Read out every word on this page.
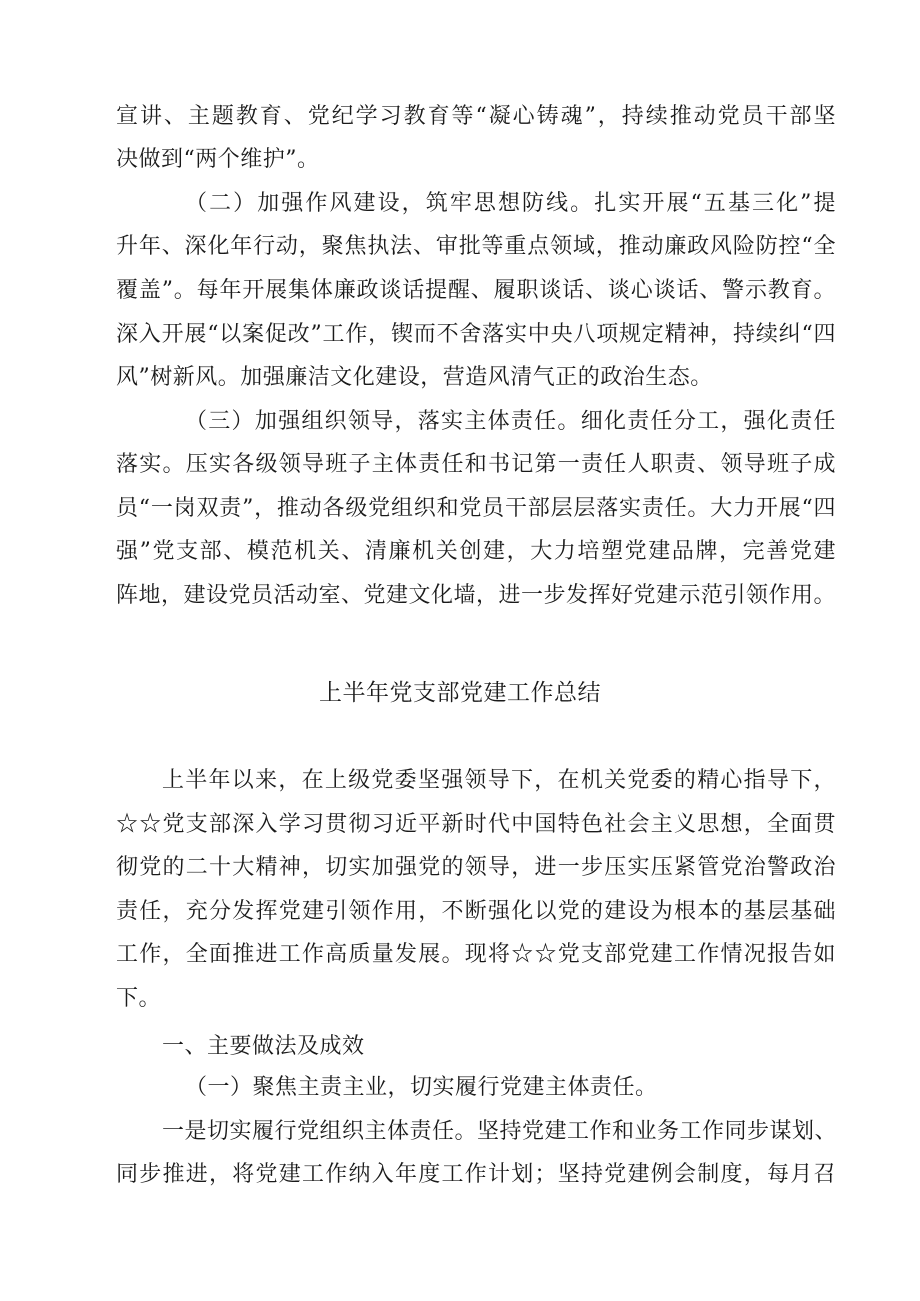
宣讲、主题教育、党纪学习教育等“凝心铸魂”，持续推动党员干部坚
决做到“两个维护”。
（二）加强作风建设，筑牢思想防线。扎实开展“五基三化”提
升年、深化年行动，聚焦执法、审批等重点领域，推动廉政风险防控“全
覆盖”。每年开展集体廉政谈话提醒、履职谈话、谈心谈话、警示教育。
深入开展“以案促改”工作，锲而不舍落实中央八项规定精神，持续纠“四
风”树新风。加强廉洁文化建设，营造风清气正的政治生态。
（三）加强组织领导，落实主体责任。细化责任分工，强化责任
落实。压实各级领导班子主体责任和书记第一责任人职责、领导班子成
员“一岗双责”，推动各级党组织和党员干部层层落实责任。大力开展“四
强”党支部、模范机关、清廉机关创建，大力培塑党建品牌，完善党建
阵地，建设党员活动室、党建文化墙，进一步发挥好党建示范引领作用。
上半年党支部党建工作总结
上半年以来，在上级党委坚强领导下，在机关党委的精心指导下，
☆☆党支部深入学习贯彻习近平新时代中国特色社会主义思想，全面贯
彻党的二十大精神，切实加强党的领导，进一步压实压紧管党治警政治
责任，充分发挥党建引领作用，不断强化以党的建设为根本的基层基础
工作，全面推进工作高质量发展。现将☆☆党支部党建工作情况报告如
下。
一、主要做法及成效
（一）聚焦主责主业，切实履行党建主体责任。
一是切实履行党组织主体责任。坚持党建工作和业务工作同步谋划、
同步推进，将党建工作纳入年度工作计划；坚持党建例会制度，每月召
